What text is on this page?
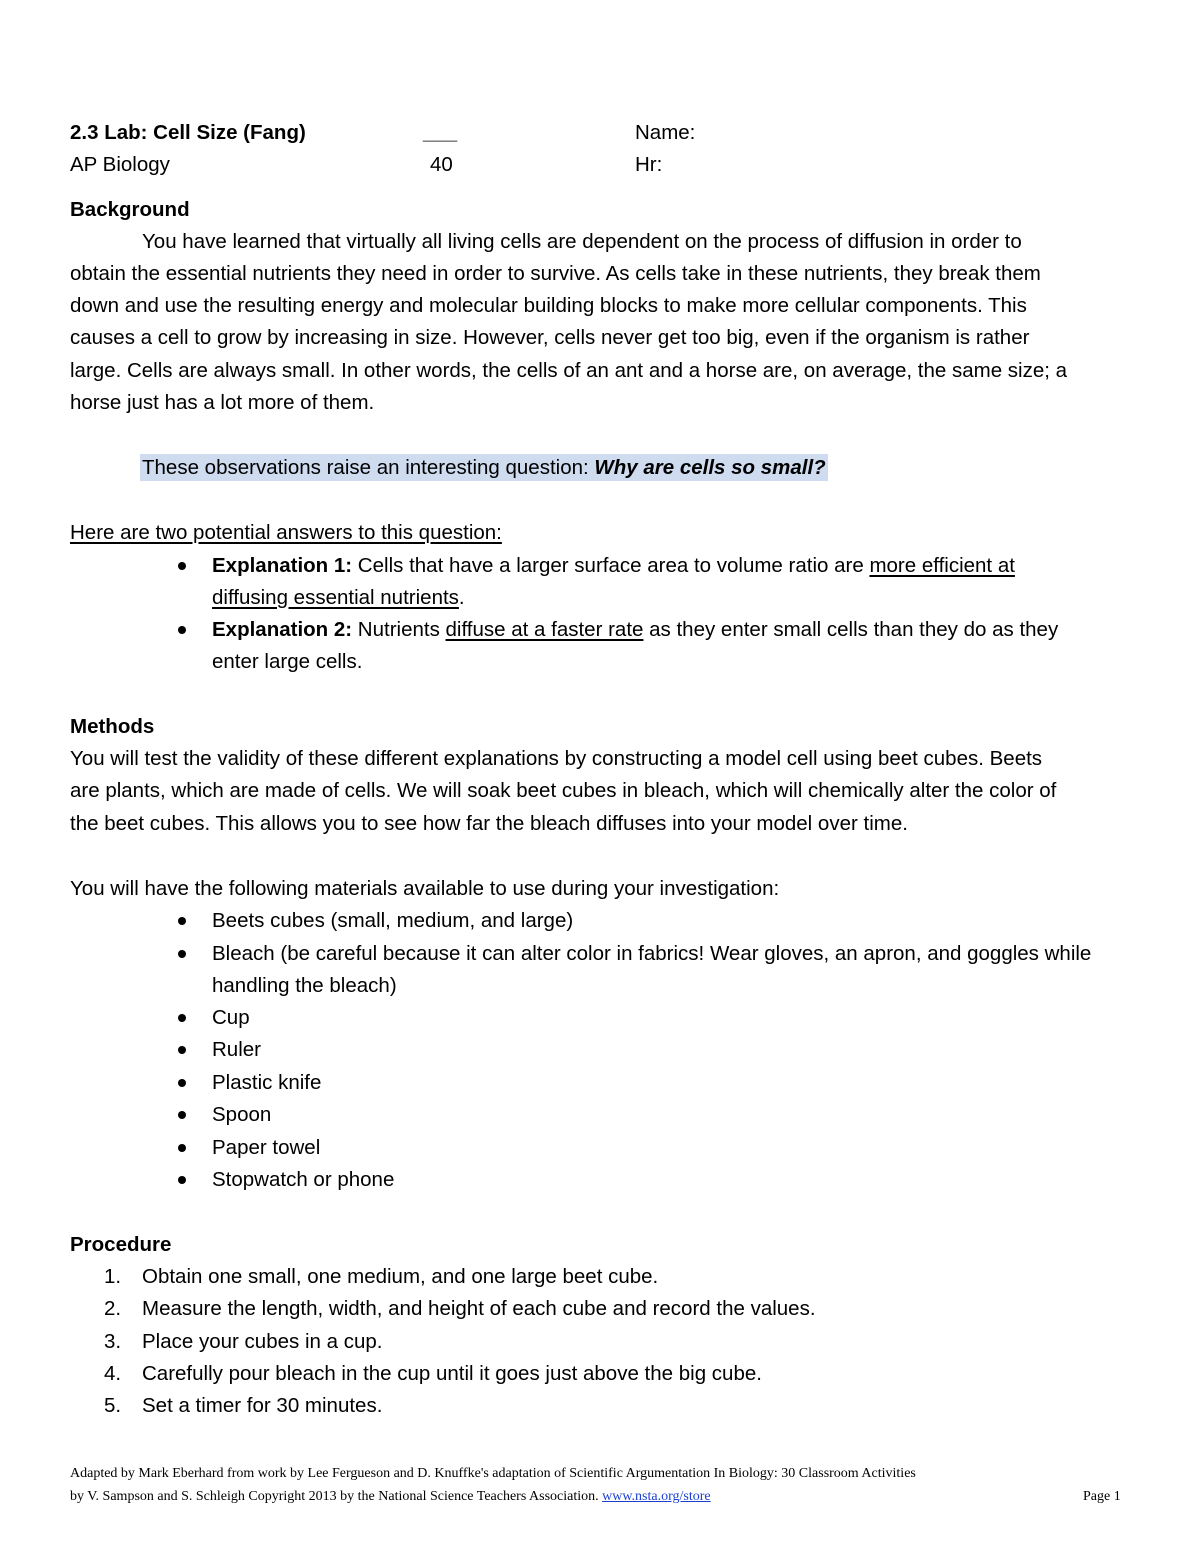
2.3 Lab: Cell Size (Fang)	___	Name:
AP Biology	40	Hr:
Background
You have learned that virtually all living cells are dependent on the process of diffusion in order to
obtain the essential nutrients they need in order to survive. As cells take in these nutrients, they break them
down and use the resulting energy and molecular building blocks to make more cellular components. This
causes a cell to grow by increasing in size. However, cells never get too big, even if the organism is rather
large. Cells are always small. In other words, the cells of an ant and a horse are, on average, the same size; a
horse just has a lot more of them.
These observations raise an interesting question: Why are cells so small?
Here are two potential answers to this question:
Explanation 1: Cells that have a larger surface area to volume ratio are more efficient at
diffusing essential nutrients.
Explanation 2: Nutrients diffuse at a faster rate as they enter small cells than they do as they
enter large cells.
Methods
You will test the validity of these different explanations by constructing a model cell using beet cubes. Beets
are plants, which are made of cells. We will soak beet cubes in bleach, which will chemically alter the color of
the beet cubes. This allows you to see how far the bleach diffuses into your model over time.
You will have the following materials available to use during your investigation:
Beets cubes (small, medium, and large)
Bleach (be careful because it can alter color in fabrics! Wear gloves, an apron, and goggles while
handling the bleach)
Cup
Ruler
Plastic knife
Spoon
Paper towel
Stopwatch or phone
Procedure
1. Obtain one small, one medium, and one large beet cube.
2. Measure the length, width, and height of each cube and record the values.
3. Place your cubes in a cup.
4. Carefully pour bleach in the cup until it goes just above the big cube.
5. Set a timer for 30 minutes.
Adapted by Mark Eberhard from work by Lee Fergueson and D. Knuffke's adaptation of Scientific Argumentation In Biology: 30 Classroom Activities
by V. Sampson and S. Schleigh Copyright 2013 by the National Science Teachers Association. www.nsta.org/store	Page 1
